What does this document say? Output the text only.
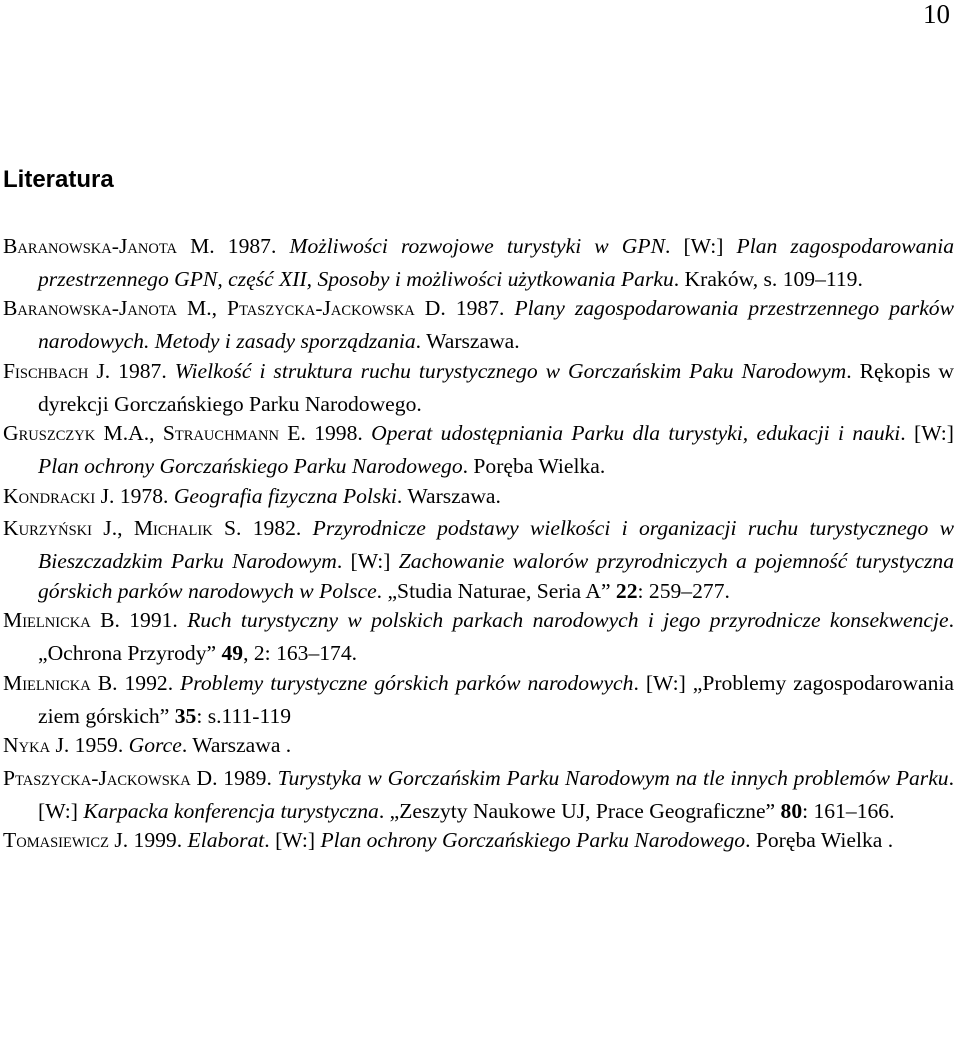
10
Literatura
BARANOWSKA-JANOTA M. 1987. Możliwości rozwojowe turystyki w GPN. [W:] Plan zagospodarowania przestrzennego GPN, część XII, Sposoby i możliwości użytkowania Parku. Kraków, s. 109–119.
BARANOWSKA-JANOTA M., PTASZYCKA-JACKOWSKA D. 1987. Plany zagospodarowania przestrzennego parków narodowych. Metody i zasady sporządzania. Warszawa.
FISCHBACH J. 1987. Wielkość i struktura ruchu turystycznego w Gorczańskim Paku Narodowym. Rękopis w dyrekcji Gorczańskiego Parku Narodowego.
GRUSZCZYK M.A., STRAUCHMANN E. 1998. Operat udostępniania Parku dla turystyki, edukacji i nauki. [W:] Plan ochrony Gorczańskiego Parku Narodowego. Poręba Wielka.
KONDRACKI J. 1978. Geografia fizyczna Polski. Warszawa.
KURZYŃSKI J., MICHALIK S. 1982. Przyrodnicze podstawy wielkości i organizacji ruchu turystycznego w Bieszczadzkim Parku Narodowym. [W:] Zachowanie walorów przyrodniczych a pojemność turystyczna górskich parków narodowych w Polsce. „Studia Naturae, Seria A” 22: 259–277.
MIELNICKA B. 1991. Ruch turystyczny w polskich parkach narodowych i jego przyrodnicze konsekwencje. „Ochrona Przyrody” 49, 2: 163–174.
MIELNICKA B. 1992. Problemy turystyczne górskich parków narodowych. [W:] „Problemy zagospodarowania ziem górskich” 35: s.111-119
NYKA J. 1959. Gorce. Warszawa .
PTASZYCKA-JACKOWSKA D. 1989. Turystyka w Gorczańskim Parku Narodowym na tle innych problemów Parku. [W:] Karpacka konferencja turystyczna. „Zeszyty Naukowe UJ, Prace Geograficzne” 80: 161–166.
TOMASIEWICZ J. 1999. Elaborat. [W:] Plan ochrony Gorczańskiego Parku Narodowego. Poręba Wielka .
